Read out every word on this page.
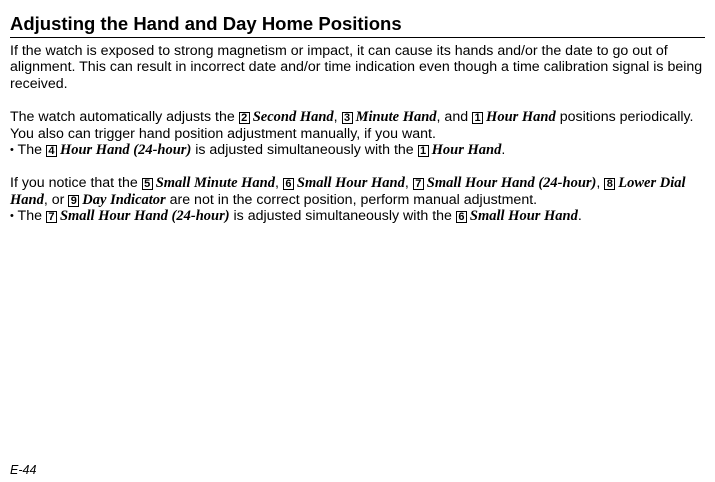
Adjusting the Hand and Day Home Positions

If the watch is exposed to strong magnetism or impact, it can cause its hands and/or the date to go out of alignment. This can result in incorrect date and/or time indication even though a time calibration signal is being received.

The watch automatically adjusts the 2 Second Hand, 3 Minute Hand, and 1 Hour Hand positions periodically. You also can trigger hand position adjustment manually, if you want.

• The 4 Hour Hand (24-hour) is adjusted simultaneously with the 1 Hour Hand.

If you notice that the 5 Small Minute Hand, 6 Small Hour Hand, 7 Small Hour Hand (24-hour), 8 Lower Dial Hand, or 9 Day Indicator are not in the correct position, perform manual adjustment.

• The 7 Small Hour Hand (24-hour) is adjusted simultaneously with the 6 Small Hour Hand.

E-44
